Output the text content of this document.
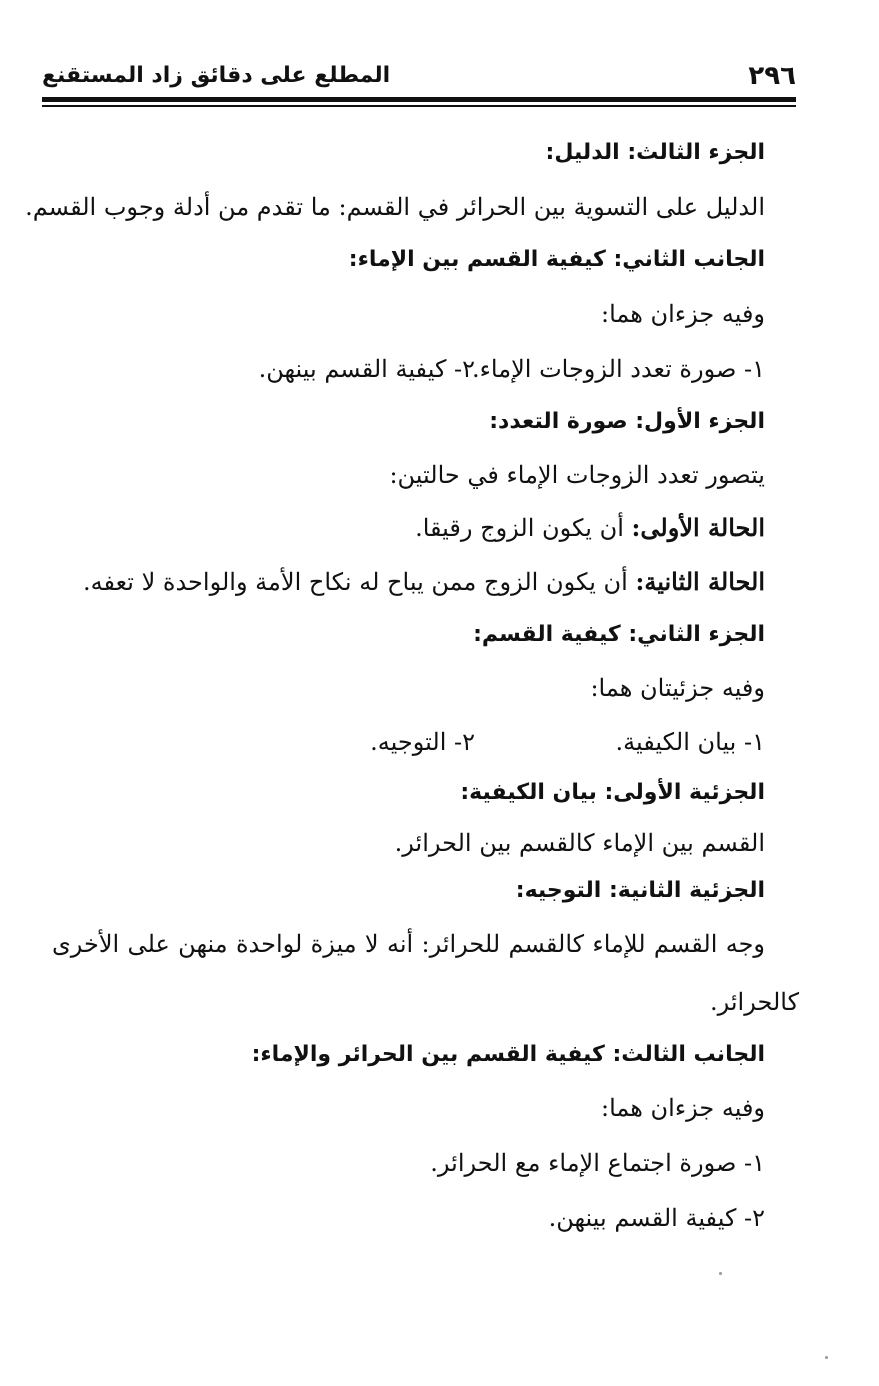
٢٩٦
المطلع على دقائق زاد المستقنع
الجزء الثالث: الدليل:
الدليل على التسوية بين الحرائر في القسم: ما تقدم من أدلة وجوب القسم.
الجانب الثاني: كيفية القسم بين الإماء:
وفيه جزءان هما:
١- صورة تعدد الزوجات الإماء.٢- كيفية القسم بينهن.
الجزء الأول: صورة التعدد:
يتصور تعدد الزوجات الإماء في حالتين:
الحالة الأولى: أن يكون الزوج رقيقا.
الحالة الثانية: أن يكون الزوج ممن يباح له نكاح الأمة والواحدة لا تعفه.
الجزء الثاني: كيفية القسم:
وفيه جزئيتان هما:
١- بيان الكيفية.٢- التوجيه.
الجزئية الأولى: بيان الكيفية:
القسم بين الإماء كالقسم بين الحرائر.
الجزئية الثانية: التوجيه:
وجه القسم للإماء كالقسم للحرائر: أنه لا ميزة لواحدة منهن على الأخرى
كالحرائر.
الجانب الثالث: كيفية القسم بين الحرائر والإماء:
وفيه جزءان هما:
١- صورة اجتماع الإماء مع الحرائر.
٢- كيفية القسم بينهن.
